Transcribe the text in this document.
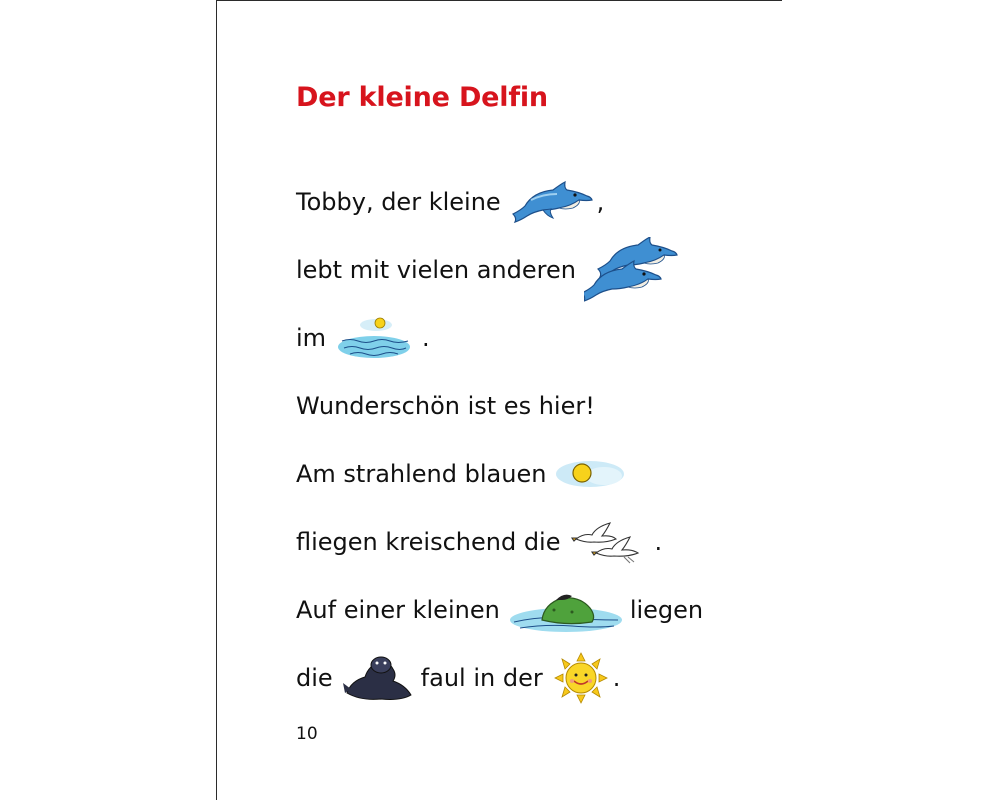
Der kleine Delfin
Tobby, der kleine	,
lebt mit vielen anderen
im	.
Wunderschön ist es hier!
Am strahlend blauen
fliegen kreischend die	.
Auf einer kleinen	liegen
die	faul in der	.
10
